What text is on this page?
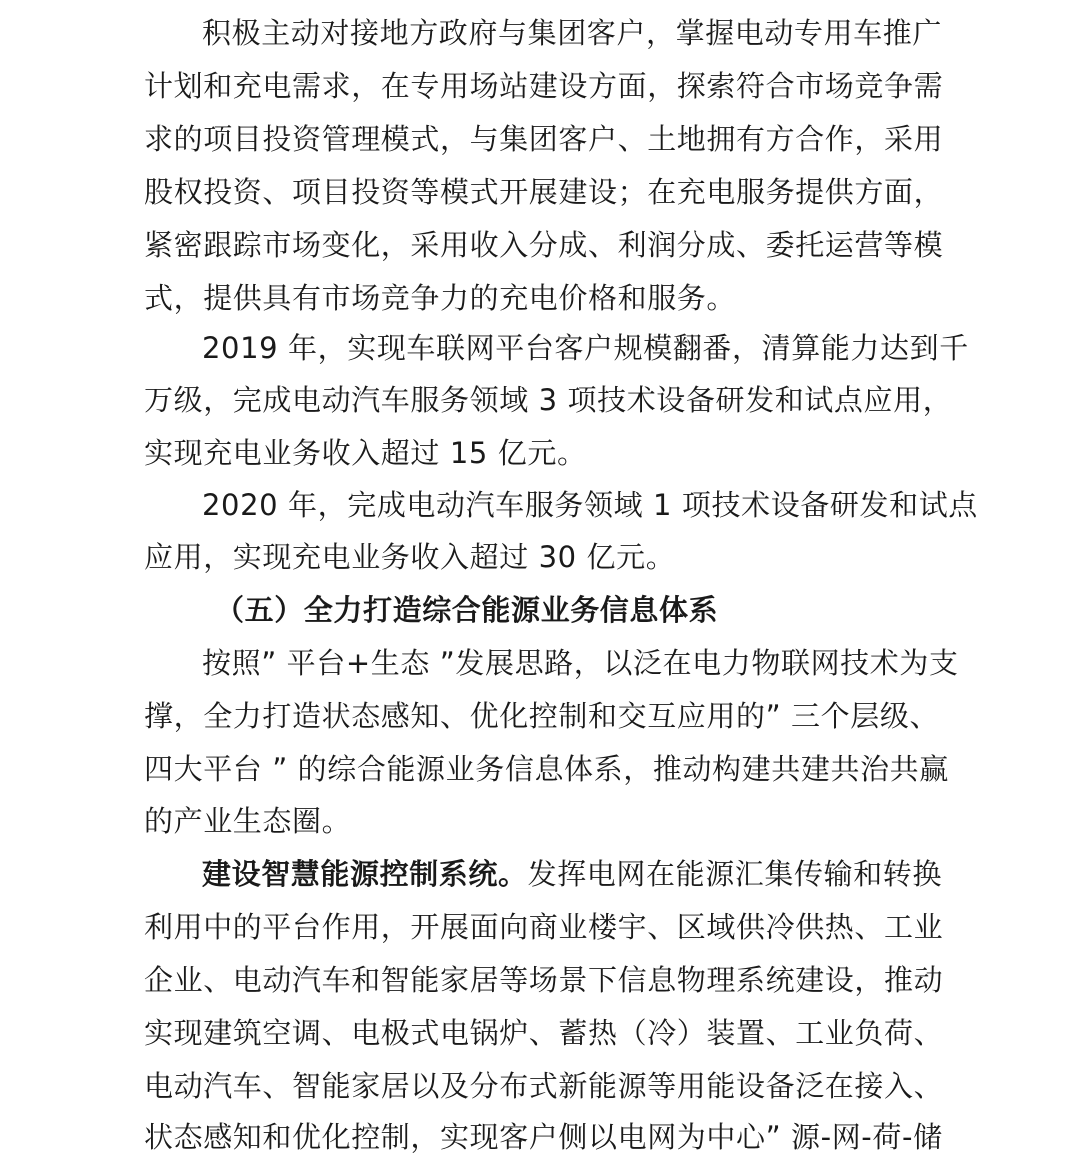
积极主动对接地方政府与集团客户，掌握电动专用车推广
计划和充电需求，在专用场站建设方面，探索符合市场竞争需
求的项目投资管理模式，与集团客户、土地拥有方合作，采用
股权投资、项目投资等模式开展建设；在充电服务提供方面，
紧密跟踪市场变化，采用收入分成、利润分成、委托运营等模
式，提供具有市场竞争力的充电价格和服务。
2019 年，实现车联网平台客户规模翻番，清算能力达到千
万级，完成电动汽车服务领域 3 项技术设备研发和试点应用，
实现充电业务收入超过 15 亿元。
2020 年，完成电动汽车服务领域 1 项技术设备研发和试点
应用，实现充电业务收入超过 30 亿元。
（五）全力打造综合能源业务信息体系
按照” 平台+生态 ”发展思路，以泛在电力物联网技术为支
撑，全力打造状态感知、优化控制和交互应用的” 三个层级、
四大平台 ” 的综合能源业务信息体系，推动构建共建共治共赢
的产业生态圈。
建设智慧能源控制系统。发挥电网在能源汇集传输和转换
利用中的平台作用，开展面向商业楼宇、区域供冷供热、工业
企业、电动汽车和智能家居等场景下信息物理系统建设，推动
实现建筑空调、电极式电锅炉、蓄热（冷）装置、工业负荷、
电动汽车、智能家居以及分布式新能源等用能设备泛在接入、
状态感知和优化控制，实现客户侧以电网为中心” 源-网-荷-储
